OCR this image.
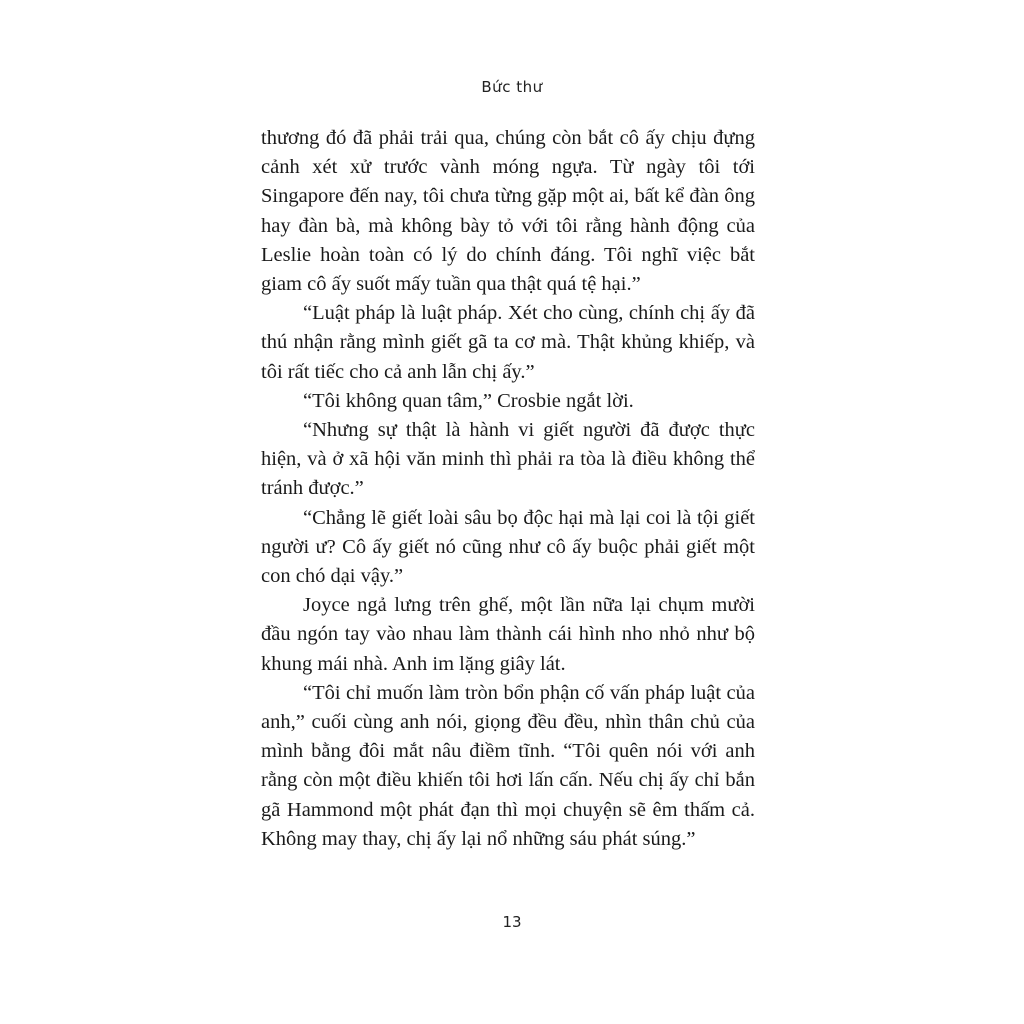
Bức thư

thương đó đã phải trải qua, chúng còn bắt cô ấy chịu đựng cảnh xét xử trước vành móng ngựa. Từ ngày tôi tới Singapore đến nay, tôi chưa từng gặp một ai, bất kể đàn ông hay đàn bà, mà không bày tỏ với tôi rằng hành động của Leslie hoàn toàn có lý do chính đáng. Tôi nghĩ việc bắt giam cô ấy suốt mấy tuần qua thật quá tệ hại.”

“Luật pháp là luật pháp. Xét cho cùng, chính chị ấy đã thú nhận rằng mình giết gã ta cơ mà. Thật khủng khiếp, và tôi rất tiếc cho cả anh lẫn chị ấy.”

“Tôi không quan tâm,” Crosbie ngắt lời.

“Nhưng sự thật là hành vi giết người đã được thực hiện, và ở xã hội văn minh thì phải ra tòa là điều không thể tránh được.”

“Chẳng lẽ giết loài sâu bọ độc hại mà lại coi là tội giết người ư? Cô ấy giết nó cũng như cô ấy buộc phải giết một con chó dại vậy.”

Joyce ngả lưng trên ghế, một lần nữa lại chụm mười đầu ngón tay vào nhau làm thành cái hình nho nhỏ như bộ khung mái nhà. Anh im lặng giây lát.

“Tôi chỉ muốn làm tròn bổn phận cố vấn pháp luật của anh,” cuối cùng anh nói, giọng đều đều, nhìn thân chủ của mình bằng đôi mắt nâu điềm tĩnh. “Tôi quên nói với anh rằng còn một điều khiến tôi hơi lấn cấn. Nếu chị ấy chỉ bắn gã Hammond một phát đạn thì mọi chuyện sẽ êm thấm cả. Không may thay, chị ấy lại nổ những sáu phát súng.”

13
